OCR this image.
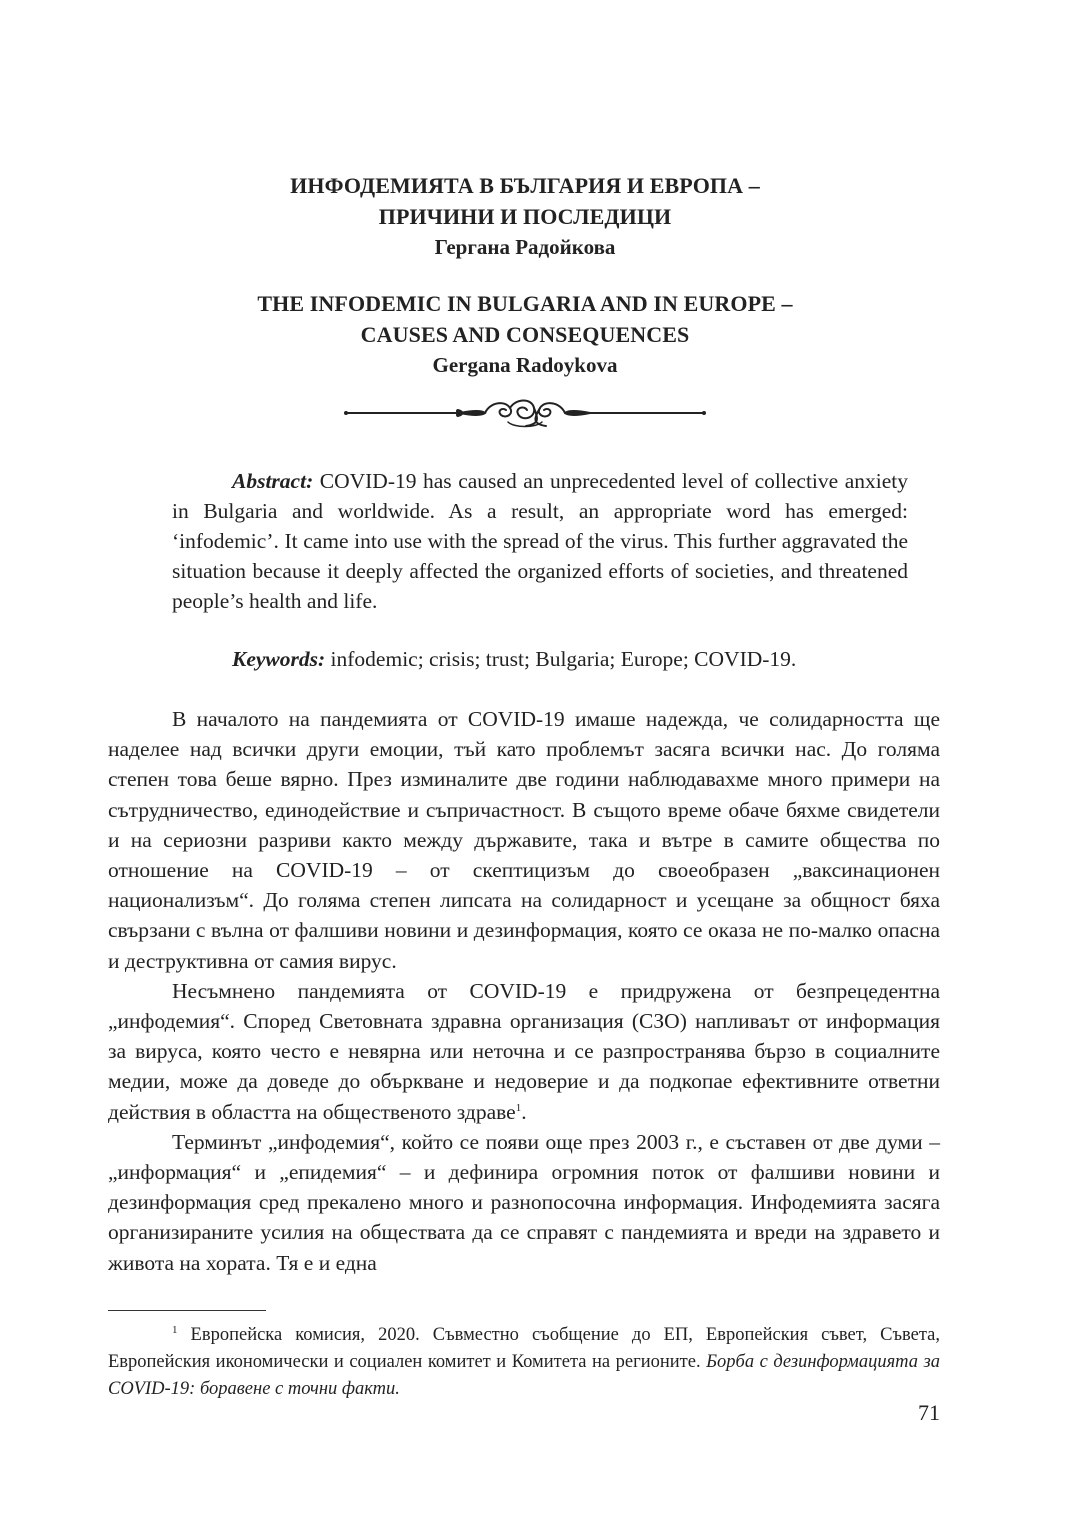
ИНФОДЕМИЯТА В БЪЛГАРИЯ И ЕВРОПА –
ПРИЧИНИ И ПОСЛЕДИЦИ
Гергана Радойкова
THE INFODEMIC IN BULGARIA AND IN EUROPE –
CAUSES AND CONSEQUENCES
Gergana Radoykova

Abstract: COVID-19 has caused an unprecedented level of collective anxiety in Bulgaria and worldwide. As a result, an appropriate word has emerged: ‘infodemic’. It came into use with the spread of the virus. This further aggravated the situation because it deeply affected the organized efforts of societies, and threatened people’s health and life.

Keywords: infodemic; crisis; trust; Bulgaria; Europe; COVID-19.

В началото на пандемията от COVID-19 имаше надежда, че солидарността ще наделее над всички други емоции, тъй като проблемът засяга всички нас. До голяма степен това беше вярно. През изминалите две години наблюдавахме много примери на сътрудничество, единодействие и съпричастност. В същото време обаче бяхме свидетели и на сериозни разриви както между държавите, така и вътре в самите общества по отношение на COVID-19 – от скептицизъм до своеобразен „ваксинационен национализъм“. До голяма степен липсата на солидарност и усещане за общност бяха свързани с вълна от фалшиви новини и дезинформация, която се оказа не по-малко опасна и деструктивна от самия вирус.

Несъмнено пандемията от COVID-19 е придружена от безпрецедентна „инфодемия“. Според Световната здравна организация (СЗО) напливаът от информация за вируса, която често е невярна или неточна и се разпространява бързо в социалните медии, може да доведе до объркване и недоверие и да подкопае ефективните ответни действия в областта на общественото здраве$^1$.

Терминът „инфодемия“, който се появи още през 2003 г., е съставен от две думи – „информация“ и „епидемия“ – и дефинира огромния поток от фалшиви новини и дезинформация сред прекалено много и разнопосочна информация. Инфодемията засяга организираните усилия на обществата да се справят с пандемията и вреди на здравето и живота на хората. Тя е и една

$^1$ Европейска комисия, 2020. Съвместно съобщение до ЕП, Европейския съвет, Съвета, Европейския икономически и социален комитет и Комитета на регионите. Борба с дезинформацията за COVID-19: боравене с точни факти.

71
